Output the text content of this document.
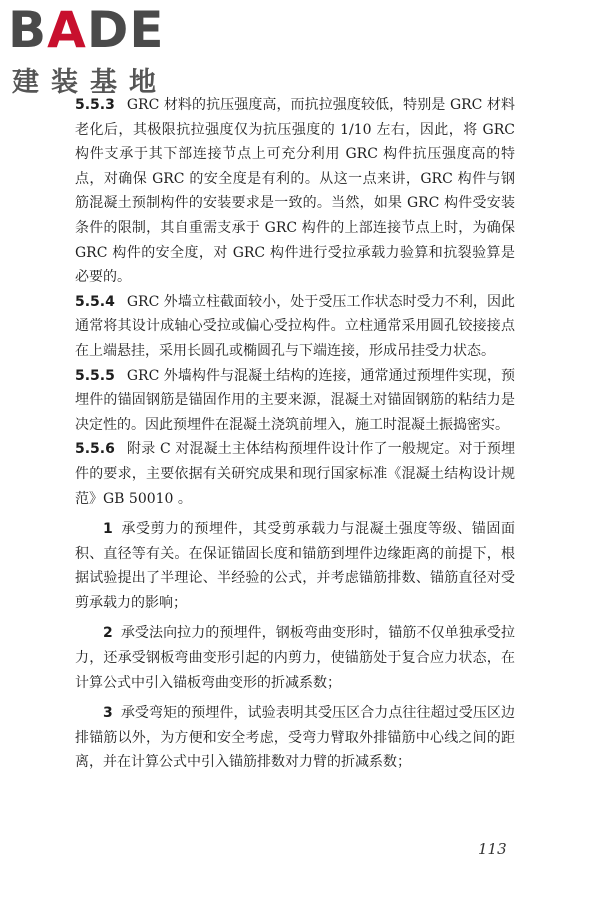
BADE
建装基地

5.5.3 GRC 材料的抗压强度高，而抗拉强度较低，特别是 GRC 材料老化后，其极限抗拉强度仅为抗压强度的 1/10 左右，因此，将 GRC 构件支承于其下部连接节点上可充分利用 GRC 构件抗压强度高的特点，对确保 GRC 的安全度是有利的。从这一点来讲，GRC 构件与钢筋混凝土预制构件的安装要求是一致的。当然，如果 GRC 构件受安装条件的限制，其自重需支承于 GRC 构件的上部连接节点上时，为确保 GRC 构件的安全度，对 GRC 构件进行受拉承载力验算和抗裂验算是必要的。

5.5.4 GRC 外墙立柱截面较小，处于受压工作状态时受力不利，因此通常将其设计成轴心受拉或偏心受拉构件。立柱通常采用圆孔铰接接点在上端悬挂，采用长圆孔或椭圆孔与下端连接，形成吊挂受力状态。

5.5.5 GRC 外墙构件与混凝土结构的连接，通常通过预埋件实现，预埋件的锚固钢筋是锚固作用的主要来源，混凝土对锚固钢筋的粘结力是决定性的。因此预埋件在混凝土浇筑前埋入，施工时混凝土振捣密实。

5.5.6 附录 C 对混凝土主体结构预埋件设计作了一般规定。对于预埋件的要求，主要依据有关研究成果和现行国家标准《混凝土结构设计规范》GB 50010 。

1 承受剪力的预埋件，其受剪承载力与混凝土强度等级、锚固面积、直径等有关。在保证锚固长度和锚筋到埋件边缘距离的前提下，根据试验提出了半理论、半经验的公式，并考虑锚筋排数、锚筋直径对受剪承载力的影响；

2 承受法向拉力的预埋件，钢板弯曲变形时，锚筋不仅单独承受拉力，还承受钢板弯曲变形引起的内剪力，使锚筋处于复合应力状态，在计算公式中引入锚板弯曲变形的折减系数；

3 承受弯矩的预埋件，试验表明其受压区合力点往往超过受压区边排锚筋以外，为方便和安全考虑，受弯力臂取外排锚筋中心线之间的距离，并在计算公式中引入锚筋排数对力臂的折减系数；

113
